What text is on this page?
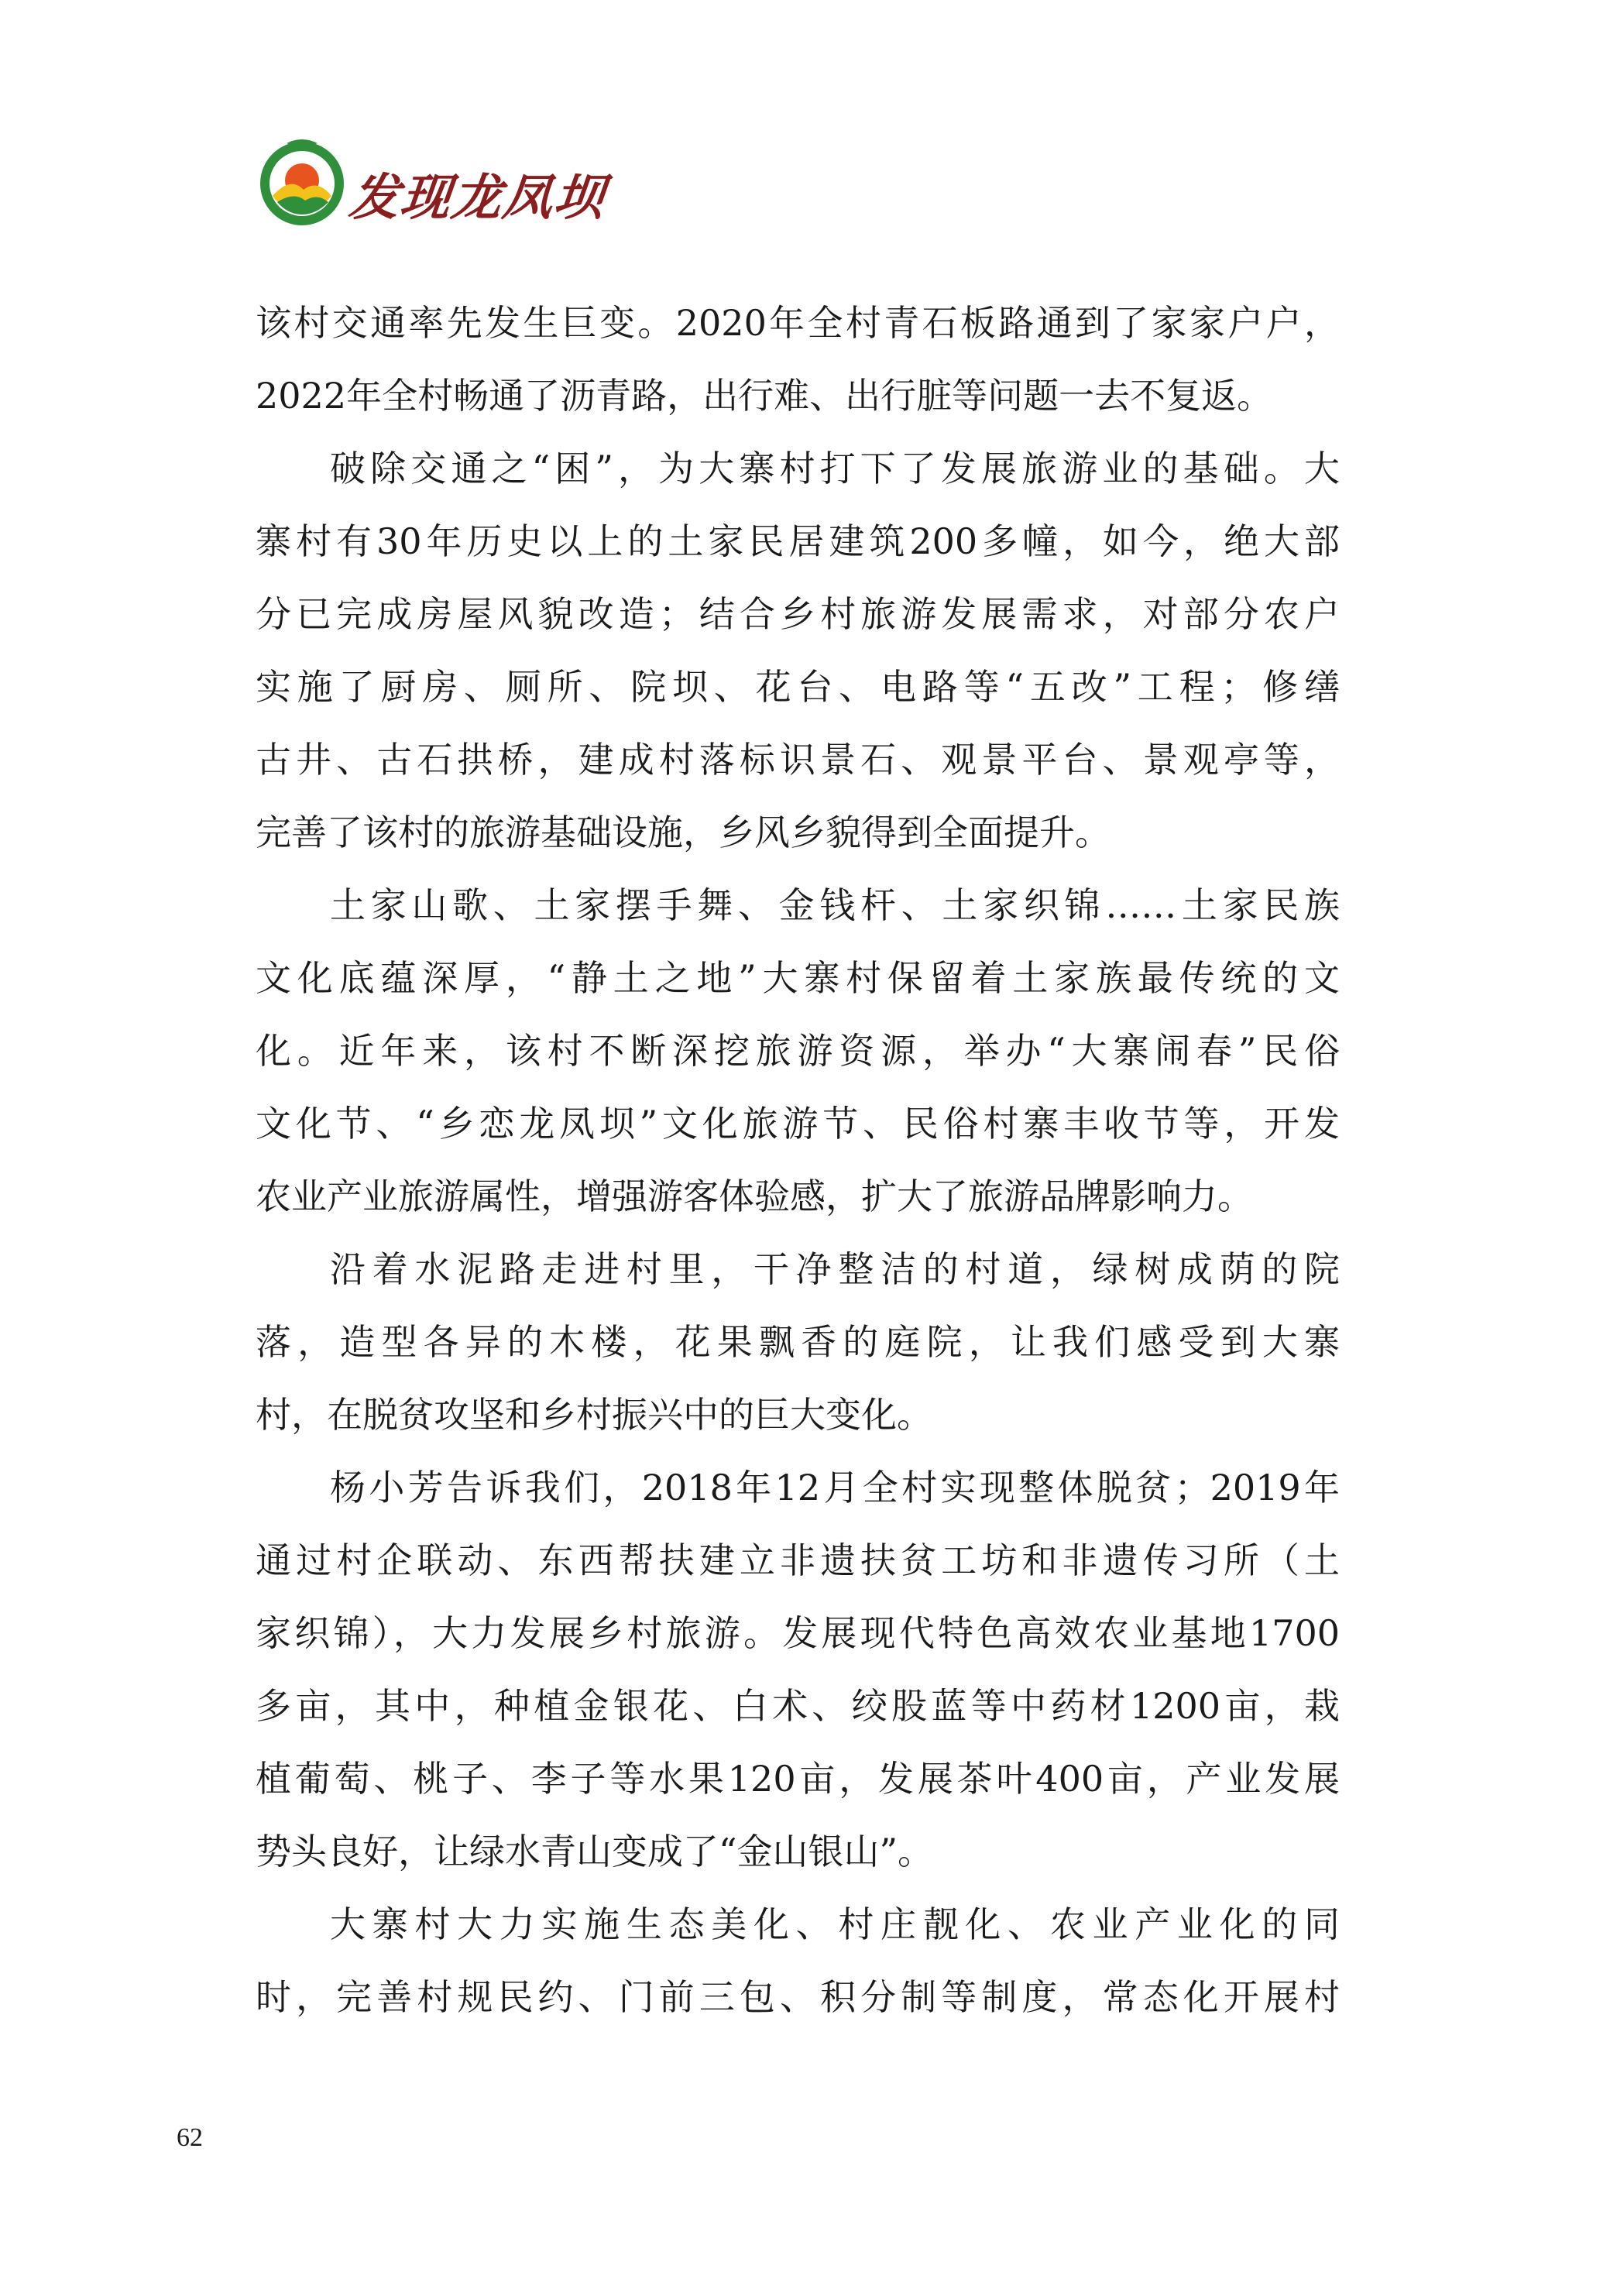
发现龙凤坝
该村交通率先发生巨变。2020年全村青石板路通到了家家户户，
2022年全村畅通了沥青路，出行难、出行脏等问题一去不复返。
破除交通之“困”，为大寨村打下了发展旅游业的基础。大
寨村有30年历史以上的土家民居建筑200多幢，如今，绝大部
分已完成房屋风貌改造；结合乡村旅游发展需求，对部分农户
实施了厨房、厕所、院坝、花台、电路等“五改”工程；修缮
古井、古石拱桥，建成村落标识景石、观景平台、景观亭等，
完善了该村的旅游基础设施，乡风乡貌得到全面提升。
土家山歌、土家摆手舞、金钱杆、土家织锦……土家民族
文化底蕴深厚，“静土之地”大寨村保留着土家族最传统的文
化。近年来，该村不断深挖旅游资源，举办“大寨闹春”民俗
文化节、“乡恋龙凤坝”文化旅游节、民俗村寨丰收节等，开发
农业产业旅游属性，增强游客体验感，扩大了旅游品牌影响力。
沿着水泥路走进村里，干净整洁的村道，绿树成荫的院
落，造型各异的木楼，花果飘香的庭院，让我们感受到大寨
村，在脱贫攻坚和乡村振兴中的巨大变化。
杨小芳告诉我们，2018年12月全村实现整体脱贫；2019年
通过村企联动、东西帮扶建立非遗扶贫工坊和非遗传习所（土
家织锦），大力发展乡村旅游。发展现代特色高效农业基地1700
多亩，其中，种植金银花、白术、绞股蓝等中药材1200亩，栽
植葡萄、桃子、李子等水果120亩，发展茶叶400亩，产业发展
势头良好，让绿水青山变成了“金山银山”。
大寨村大力实施生态美化、村庄靓化、农业产业化的同
时，完善村规民约、门前三包、积分制等制度，常态化开展村
62
